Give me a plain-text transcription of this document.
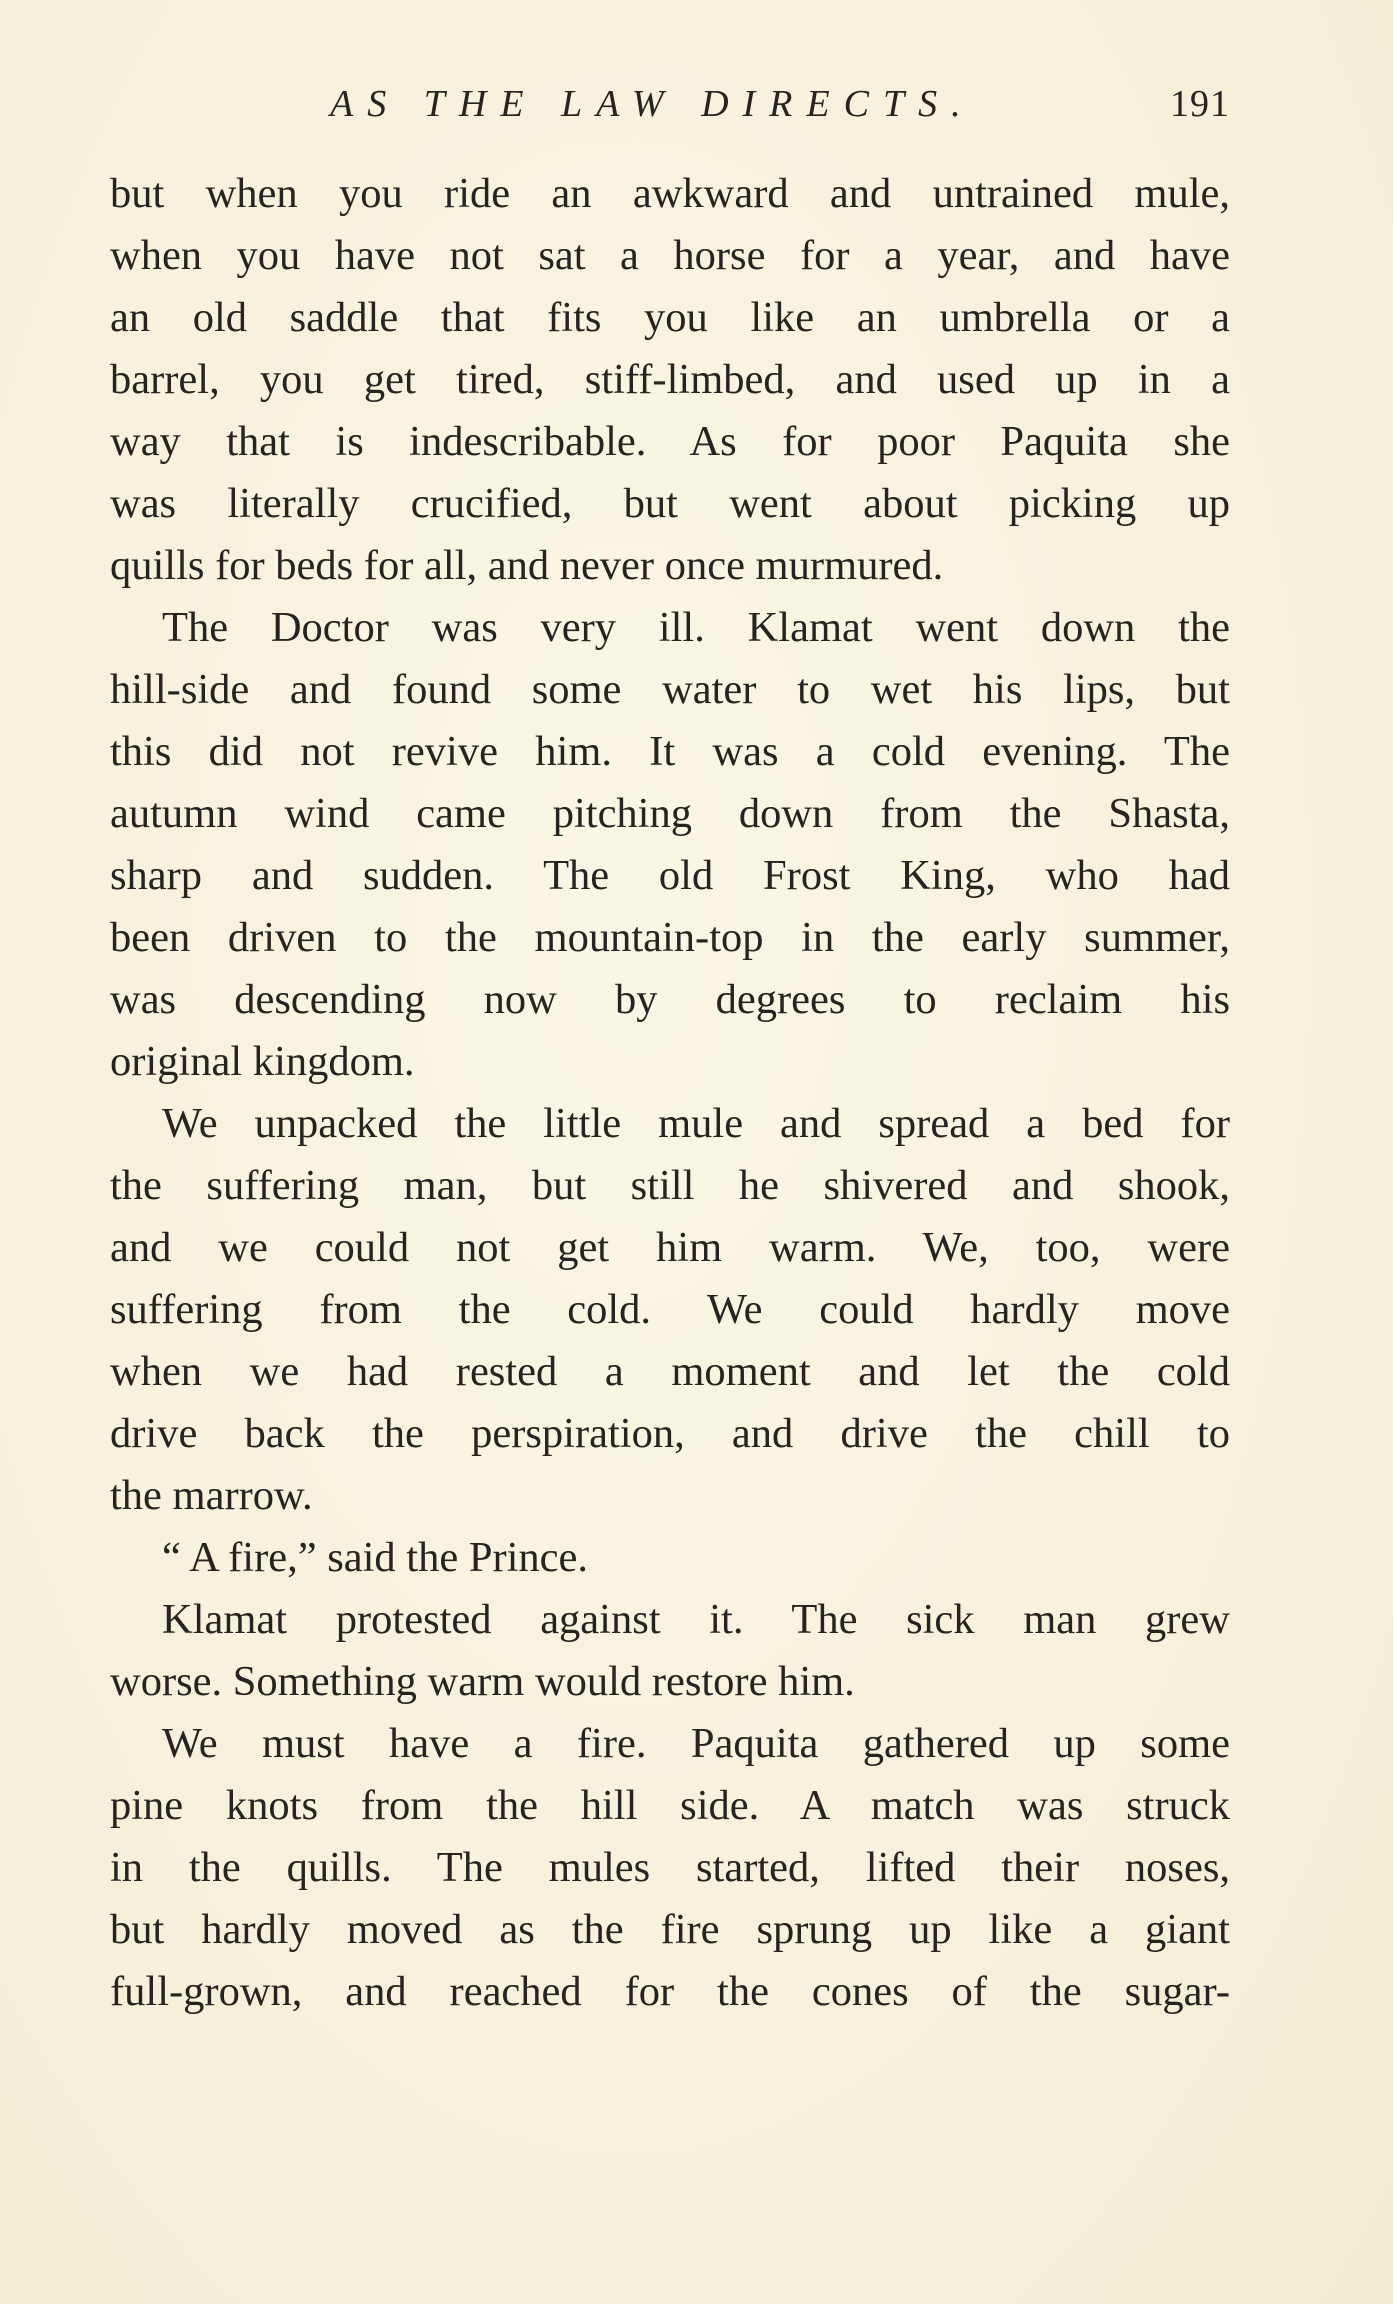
AS THE LAW DIRECTS.	191
but when you ride an awkward and untrained mule,
when you have not sat a horse for a year, and have
an old saddle that fits you like an umbrella or a
barrel, you get tired, stiff-limbed, and used up in a
way that is indescribable. As for poor Paquita she
was literally crucified, but went about picking up
quills for beds for all, and never once murmured.
The Doctor was very ill. Klamat went down the
hill-side and found some water to wet his lips, but
this did not revive him. It was a cold evening. The
autumn wind came pitching down from the Shasta,
sharp and sudden. The old Frost King, who had
been driven to the mountain-top in the early summer,
was descending now by degrees to reclaim his
original kingdom.
We unpacked the little mule and spread a bed for
the suffering man, but still he shivered and shook,
and we could not get him warm. We, too, were
suffering from the cold. We could hardly move
when we had rested a moment and let the cold
drive back the perspiration, and drive the chill to
the marrow.
“ A fire,” said the Prince.
Klamat protested against it. The sick man grew
worse. Something warm would restore him.
We must have a fire. Paquita gathered up some
pine knots from the hill side. A match was struck
in the quills. The mules started, lifted their noses,
but hardly moved as the fire sprung up like a giant
full-grown, and reached for the cones of the sugar-
